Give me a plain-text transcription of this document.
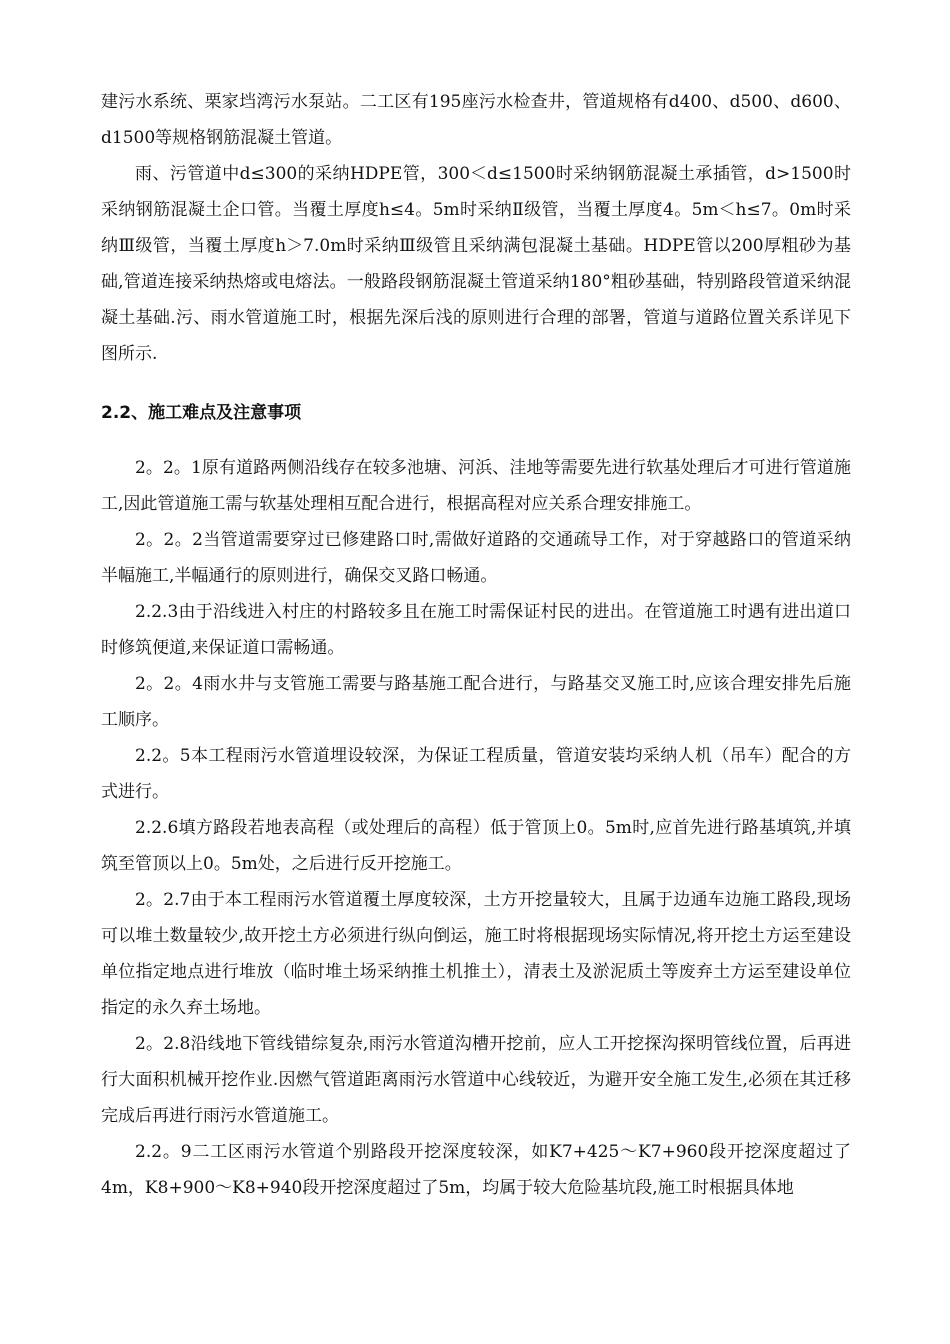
建污水系统、栗家垱湾污水泵站。二工区有195座污水检查井，管道规格有d400、d500、d600、d1500等规格钢筋混凝土管道。

雨、污管道中d≤300的采纳HDPE管，300＜d≤1500时采纳钢筋混凝土承插管，d>1500时采纳钢筋混凝土企口管。当覆土厚度h≤4。5m时采纳Ⅱ级管，当覆土厚度4。5m＜h≤7。0m时采纳Ⅲ级管，当覆土厚度h＞7.0m时采纳Ⅲ级管且采纳满包混凝土基础。HDPE管以200厚粗砂为基础,管道连接采纳热熔或电熔法。一般路段钢筋混凝土管道采纳180°粗砂基础，特别路段管道采纳混凝土基础.污、雨水管道施工时，根据先深后浅的原则进行合理的部署，管道与道路位置关系详见下图所示.

2.2、施工难点及注意事项

2。2。1原有道路两侧沿线存在较多池塘、河浜、洼地等需要先进行软基处理后才可进行管道施工,因此管道施工需与软基处理相互配合进行，根据高程对应关系合理安排施工。

2。2。2当管道需要穿过已修建路口时,需做好道路的交通疏导工作，对于穿越路口的管道采纳半幅施工,半幅通行的原则进行，确保交叉路口畅通。

2.2.3由于沿线进入村庄的村路较多且在施工时需保证村民的进出。在管道施工时遇有进出道口时修筑便道,来保证道口需畅通。

2。2。4雨水井与支管施工需要与路基施工配合进行，与路基交叉施工时,应该合理安排先后施工顺序。

2.2。5本工程雨污水管道埋设较深，为保证工程质量，管道安装均采纳人机（吊车）配合的方式进行。

2.2.6填方路段若地表高程（或处理后的高程）低于管顶上0。5m时,应首先进行路基填筑,并填筑至管顶以上0。5m处，之后进行反开挖施工。

2。2.7由于本工程雨污水管道覆土厚度较深，土方开挖量较大，且属于边通车边施工路段,现场可以堆土数量较少,故开挖土方必须进行纵向倒运，施工时将根据现场实际情况,将开挖土方运至建设单位指定地点进行堆放（临时堆土场采纳推土机推土），清表土及淤泥质土等废弃土方运至建设单位指定的永久弃土场地。

2。2.8沿线地下管线错综复杂,雨污水管道沟槽开挖前，应人工开挖探沟探明管线位置，后再进行大面积机械开挖作业.因燃气管道距离雨污水管道中心线较近，为避开安全施工发生,必须在其迁移完成后再进行雨污水管道施工。

2.2。9二工区雨污水管道个别路段开挖深度较深，如K7+425～K7+960段开挖深度超过了4m，K8+900～K8+940段开挖深度超过了5m，均属于较大危险基坑段,施工时根据具体地
